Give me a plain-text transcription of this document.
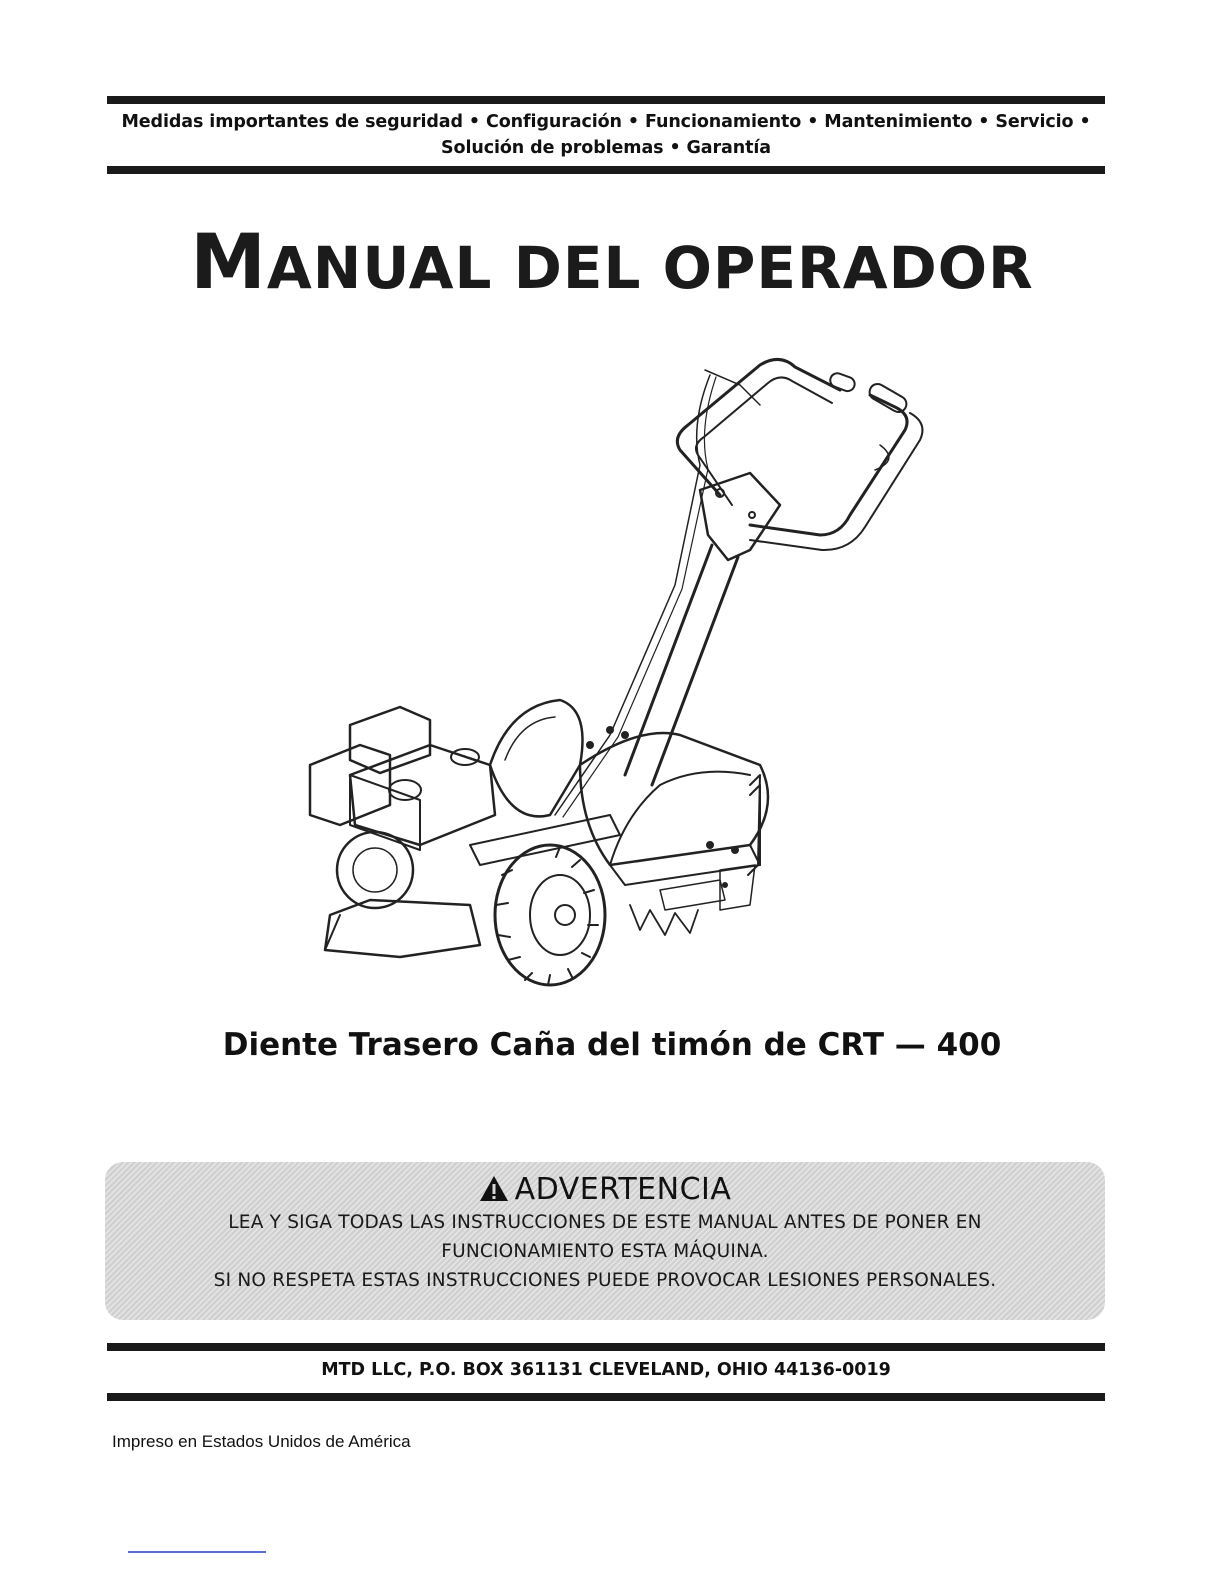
Medidas importantes de seguridad • Configuración • Funcionamiento • Mantenimiento • Servicio •
Solución de problemas • Garantía
MANUAL DEL OPERADOR
Diente Trasero Caña del timón de CRT — 400
ADVERTENCIA
LEA Y SIGA TODAS LAS INSTRUCCIONES DE ESTE MANUAL ANTES DE PONER EN
FUNCIONAMIENTO ESTA MÁQUINA.
SI NO RESPETA ESTAS INSTRUCCIONES PUEDE PROVOCAR LESIONES PERSONALES.
MTD LLC, P.O. BOX 361131 CLEVELAND, OHIO 44136-0019
Impreso en Estados Unidos de América
